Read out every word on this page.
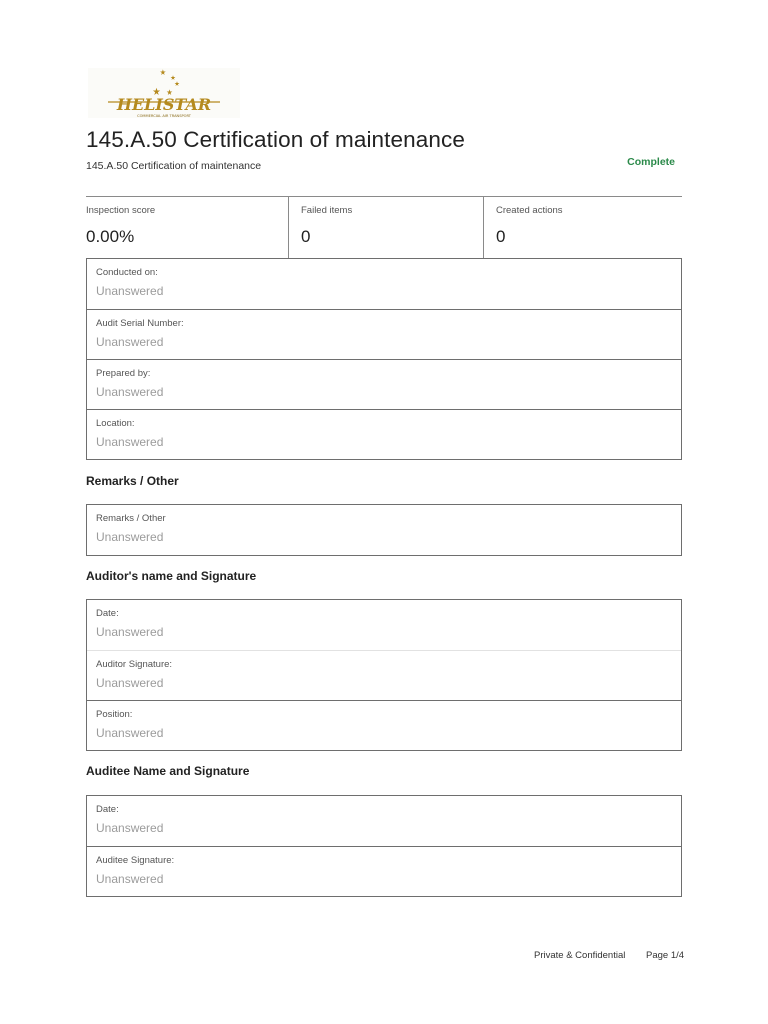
HELISTAR
COMMERCIAL AIR TRANSPORT
145.A.50 Certification of maintenance
145.A.50 Certification of maintenance	Complete
Inspection score
0.00%
Failed items
0
Created actions
0
Conducted on:
Unanswered
Audit Serial Number:
Unanswered
Prepared by:
Unanswered
Location:
Unanswered
Remarks / Other
Remarks / Other
Unanswered
Auditor's name and Signature
Date:
Unanswered
Auditor Signature:
Unanswered
Position:
Unanswered
Auditee Name and Signature
Date:
Unanswered
Auditee Signature:
Unanswered
Private & Confidential Page 1/4
